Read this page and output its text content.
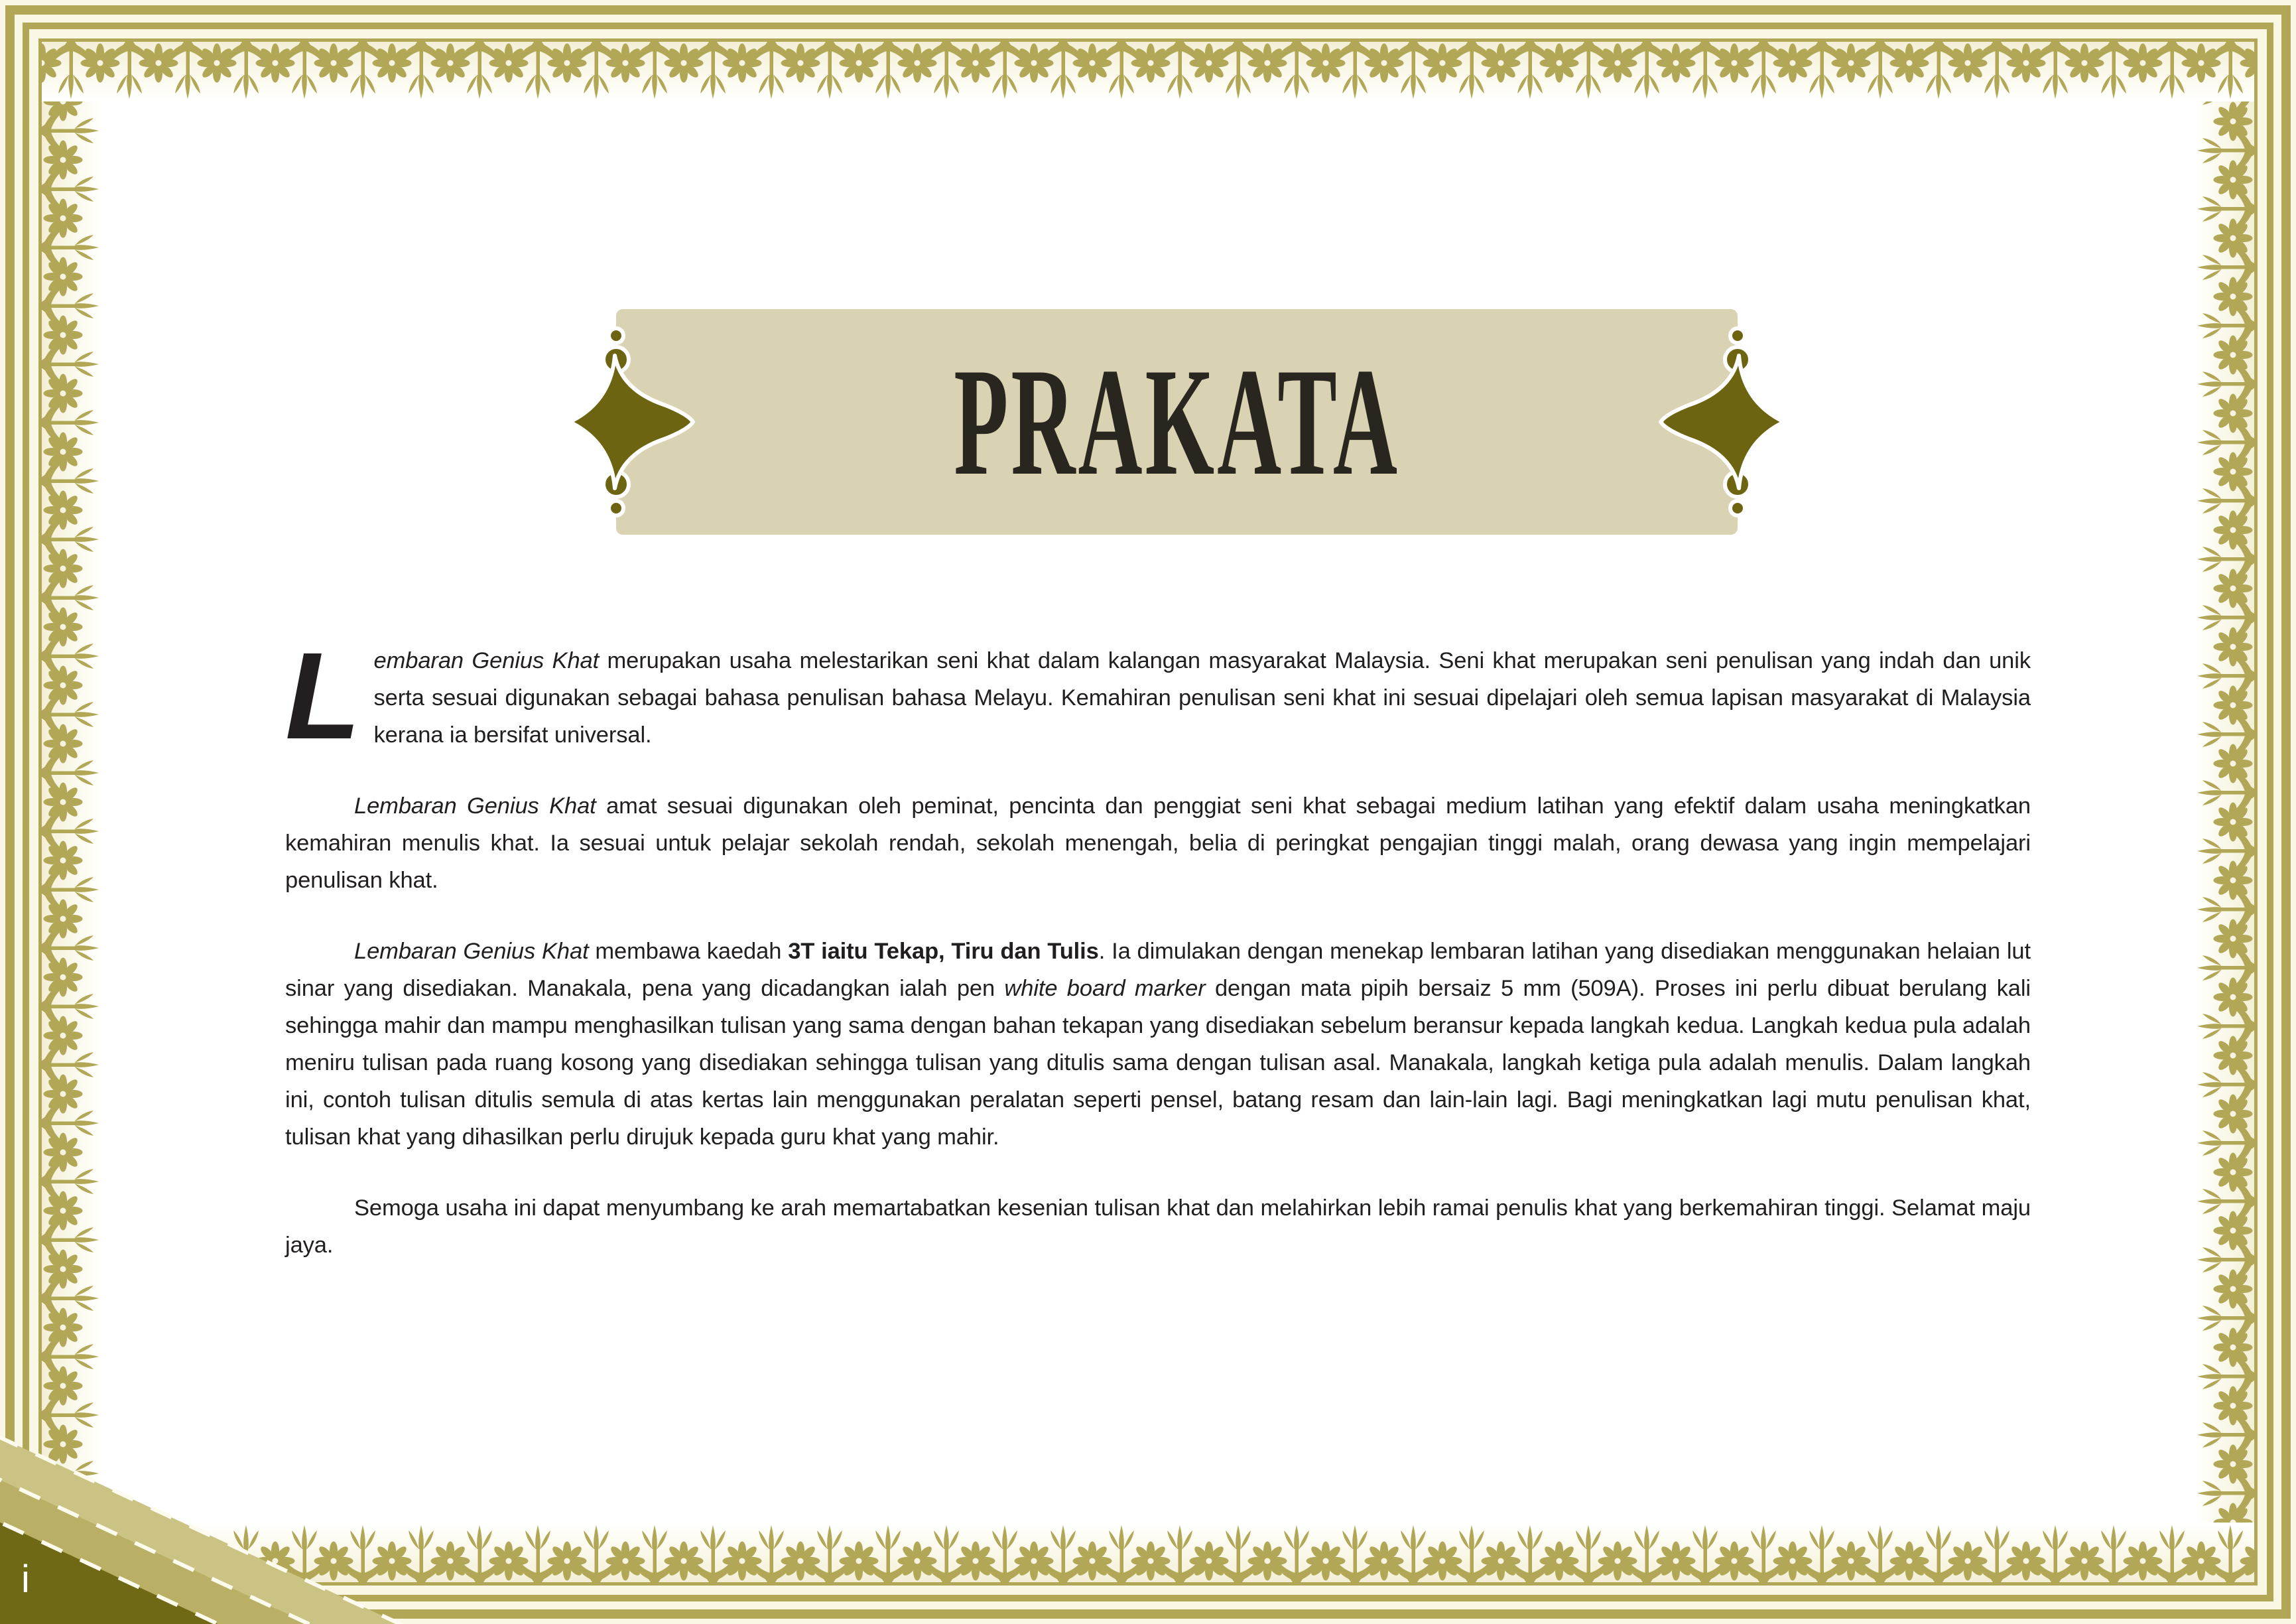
PRAKATA

Lembaran Genius Khat merupakan usaha melestarikan seni khat dalam kalangan masyarakat Malaysia. Seni khat merupakan seni penulisan yang indah dan unik serta sesuai digunakan sebagai bahasa penulisan bahasa Melayu. Kemahiran penulisan seni khat ini sesuai dipelajari oleh semua lapisan masyarakat di Malaysia kerana ia bersifat universal.

Lembaran Genius Khat amat sesuai digunakan oleh peminat, pencinta dan penggiat seni khat sebagai medium latihan yang efektif dalam usaha meningkatkan kemahiran menulis khat. Ia sesuai untuk pelajar sekolah rendah, sekolah menengah, belia di peringkat pengajian tinggi malah, orang dewasa yang ingin mempelajari penulisan khat.

Lembaran Genius Khat membawa kaedah 3T iaitu Tekap, Tiru dan Tulis. Ia dimulakan dengan menekap lembaran latihan yang disediakan menggunakan helaian lut sinar yang disediakan. Manakala, pena yang dicadangkan ialah pen white board marker dengan mata pipih bersaiz 5 mm (509A). Proses ini perlu dibuat berulang kali sehingga mahir dan mampu menghasilkan tulisan yang sama dengan bahan tekapan yang disediakan sebelum beransur kepada langkah kedua. Langkah kedua pula adalah meniru tulisan pada ruang kosong yang disediakan sehingga tulisan yang ditulis sama dengan tulisan asal. Manakala, langkah ketiga pula adalah menulis. Dalam langkah ini, contoh tulisan ditulis semula di atas kertas lain menggunakan peralatan seperti pensel, batang resam dan lain-lain lagi. Bagi meningkatkan lagi mutu penulisan khat, tulisan khat yang dihasilkan perlu dirujuk kepada guru khat yang mahir.

Semoga usaha ini dapat menyumbang ke arah memartabatkan kesenian tulisan khat dan melahirkan lebih ramai penulis khat yang berkemahiran tinggi. Selamat maju jaya.

i
